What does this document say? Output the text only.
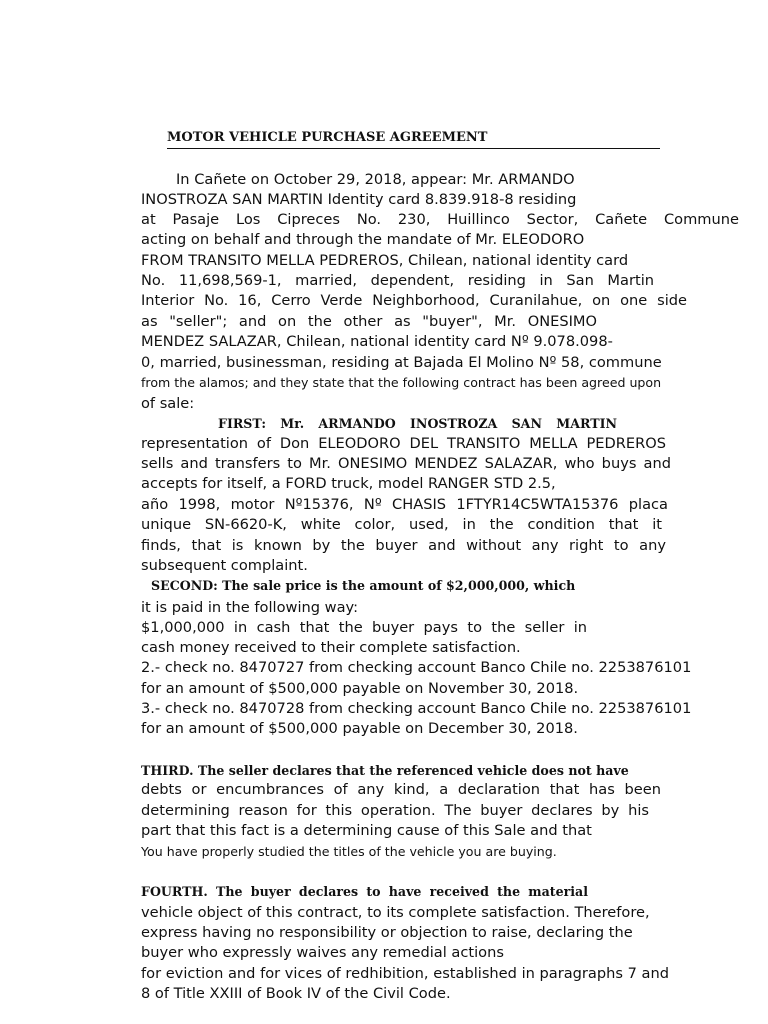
MOTOR VEHICLE PURCHASE AGREEMENT
In Cañete on October 29, 2018, appear: Mr. ARMANDO
INOSTROZA SAN MARTIN Identity card 8.839.918-8 residing
at Pasaje Los Cipreces No. 230, Huillinco Sector, Cañete Commune
acting on behalf and through the mandate of Mr. ELEODORO
FROM TRANSITO MELLA PEDREROS, Chilean, national identity card
No. 11,698,569-1, married, dependent, residing in San Martin
Interior No. 16, Cerro Verde Neighborhood, Curanilahue, on one side
as "seller"; and on the other as "buyer", Mr. ONESIMO
MENDEZ SALAZAR, Chilean, national identity card Nº 9.078.098-
0, married, businessman, residing at Bajada El Molino Nº 58, commune
from the alamos; and they state that the following contract has been agreed upon
of sale:
FIRST: Mr. ARMANDO INOSTROZA SAN MARTIN
representation of Don ELEODORO DEL TRANSITO MELLA PEDREROS
sells and transfers to Mr. ONESIMO MENDEZ SALAZAR, who buys and
accepts for itself, a FORD truck, model RANGER STD 2.5,
año 1998, motor Nº15376, Nº CHASIS 1FTYR14C5WTA15376 placa
unique SN-6620-K, white color, used, in the condition that it
finds, that is known by the buyer and without any right to any
subsequent complaint.
SECOND: The sale price is the amount of $2,000,000, which
it is paid in the following way:
$1,000,000 in cash that the buyer pays to the seller in
cash money received to their complete satisfaction.
2.- check no. 8470727 from checking account Banco Chile no. 2253876101
for an amount of $500,000 payable on November 30, 2018.
3.- check no. 8470728 from checking account Banco Chile no. 2253876101
for an amount of $500,000 payable on December 30, 2018.
THIRD. The seller declares that the referenced vehicle does not have
debts or encumbrances of any kind, a declaration that has been
determining reason for this operation. The buyer declares by his
part that this fact is a determining cause of this Sale and that
You have properly studied the titles of the vehicle you are buying.
FOURTH. The buyer declares to have received the material
vehicle object of this contract, to its complete satisfaction. Therefore,
express having no responsibility or objection to raise, declaring the
buyer who expressly waives any remedial actions
for eviction and for vices of redhibition, established in paragraphs 7 and
8 of Title XXIII of Book IV of the Civil Code.
